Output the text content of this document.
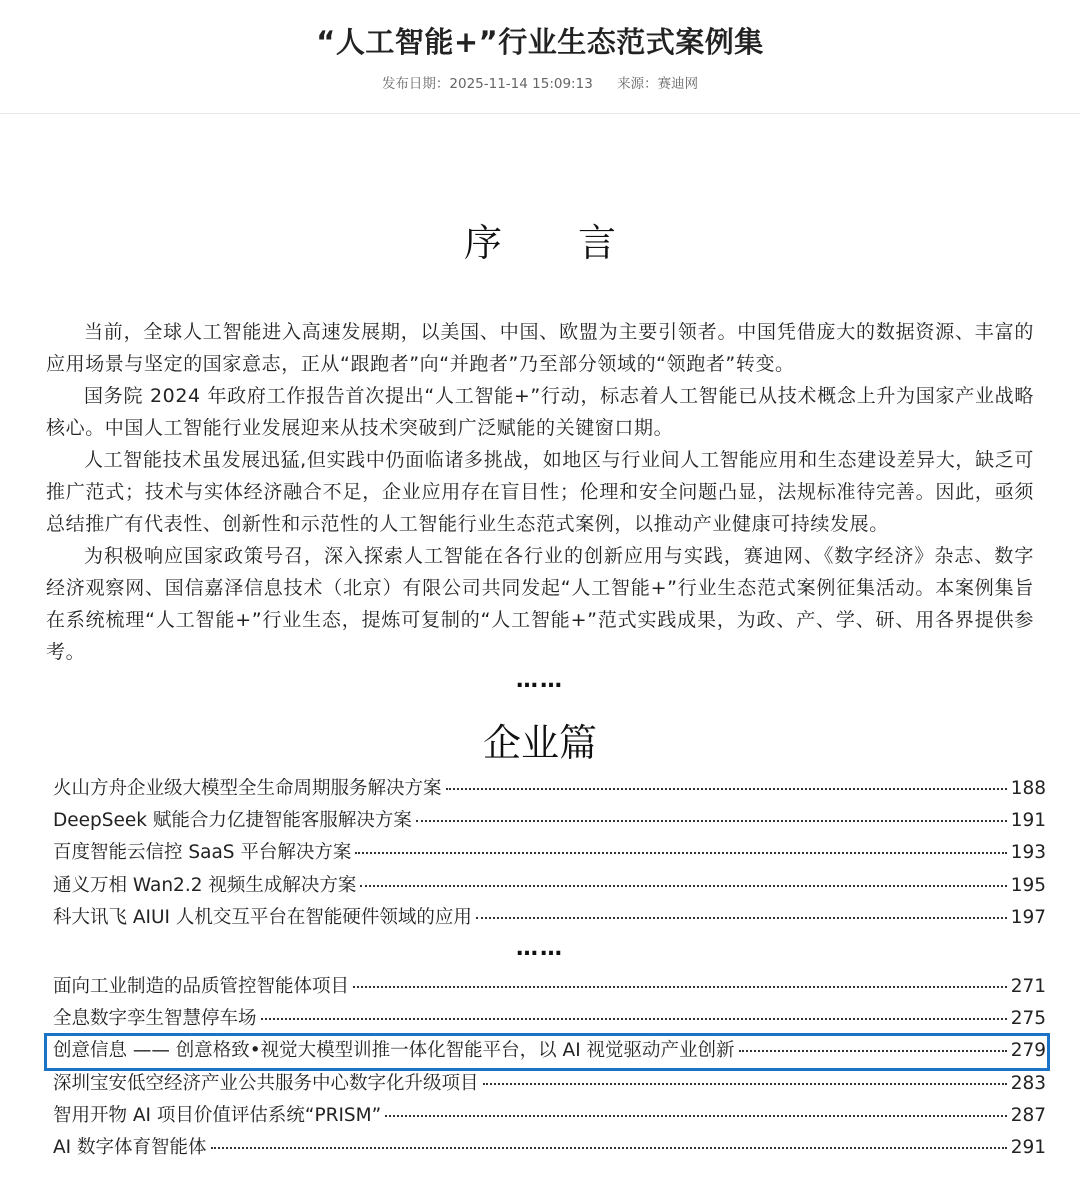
“人工智能+”行业生态范式案例集
发布日期：2025-11-14 15:09:13 来源：赛迪网
序 言

当前，全球人工智能进入高速发展期，以美国、中国、欧盟为主要引领者。中国凭借庞大的数据资源、丰富的应用场景与坚定的国家意志，正从“跟跑者”向“并跑者”乃至部分领域的“领跑者”转变。

国务院 2024 年政府工作报告首次提出“人工智能+”行动，标志着人工智能已从技术概念上升为国家产业战略核心。中国人工智能行业发展迎来从技术突破到广泛赋能的关键窗口期。

人工智能技术虽发展迅猛,但实践中仍面临诸多挑战，如地区与行业间人工智能应用和生态建设差异大，缺乏可推广范式；技术与实体经济融合不足，企业应用存在盲目性；伦理和安全问题凸显，法规标准待完善。因此，亟须总结推广有代表性、创新性和示范性的人工智能行业生态范式案例，以推动产业健康可持续发展。

为积极响应国家政策号召，深入探索人工智能在各行业的创新应用与实践，赛迪网、《数字经济》杂志、数字经济观察网、国信嘉泽信息技术（北京）有限公司共同发起“人工智能+”行业生态范式案例征集活动。本案例集旨在系统梳理“人工智能+”行业生态，提炼可复制的“人工智能+”范式实践成果，为政、产、学、研、用各界提供参考。

……
企业篇
火山方舟企业级大模型全生命周期服务解决方案	188
DeepSeek 赋能合力亿捷智能客服解决方案	191
百度智能云信控 SaaS 平台解决方案	193
通义万相 Wan2.2 视频生成解决方案	195
科大讯飞 AIUI 人机交互平台在智能硬件领域的应用	197
……
面向工业制造的品质管控智能体项目	271
全息数字孪生智慧停车场	275
创意信息 —— 创意格致•视觉大模型训推一体化智能平台，以 AI 视觉驱动产业创新	279
深圳宝安低空经济产业公共服务中心数字化升级项目	283
智用开物 AI 项目价值评估系统“PRISM”	287
AI 数字体育智能体	291
